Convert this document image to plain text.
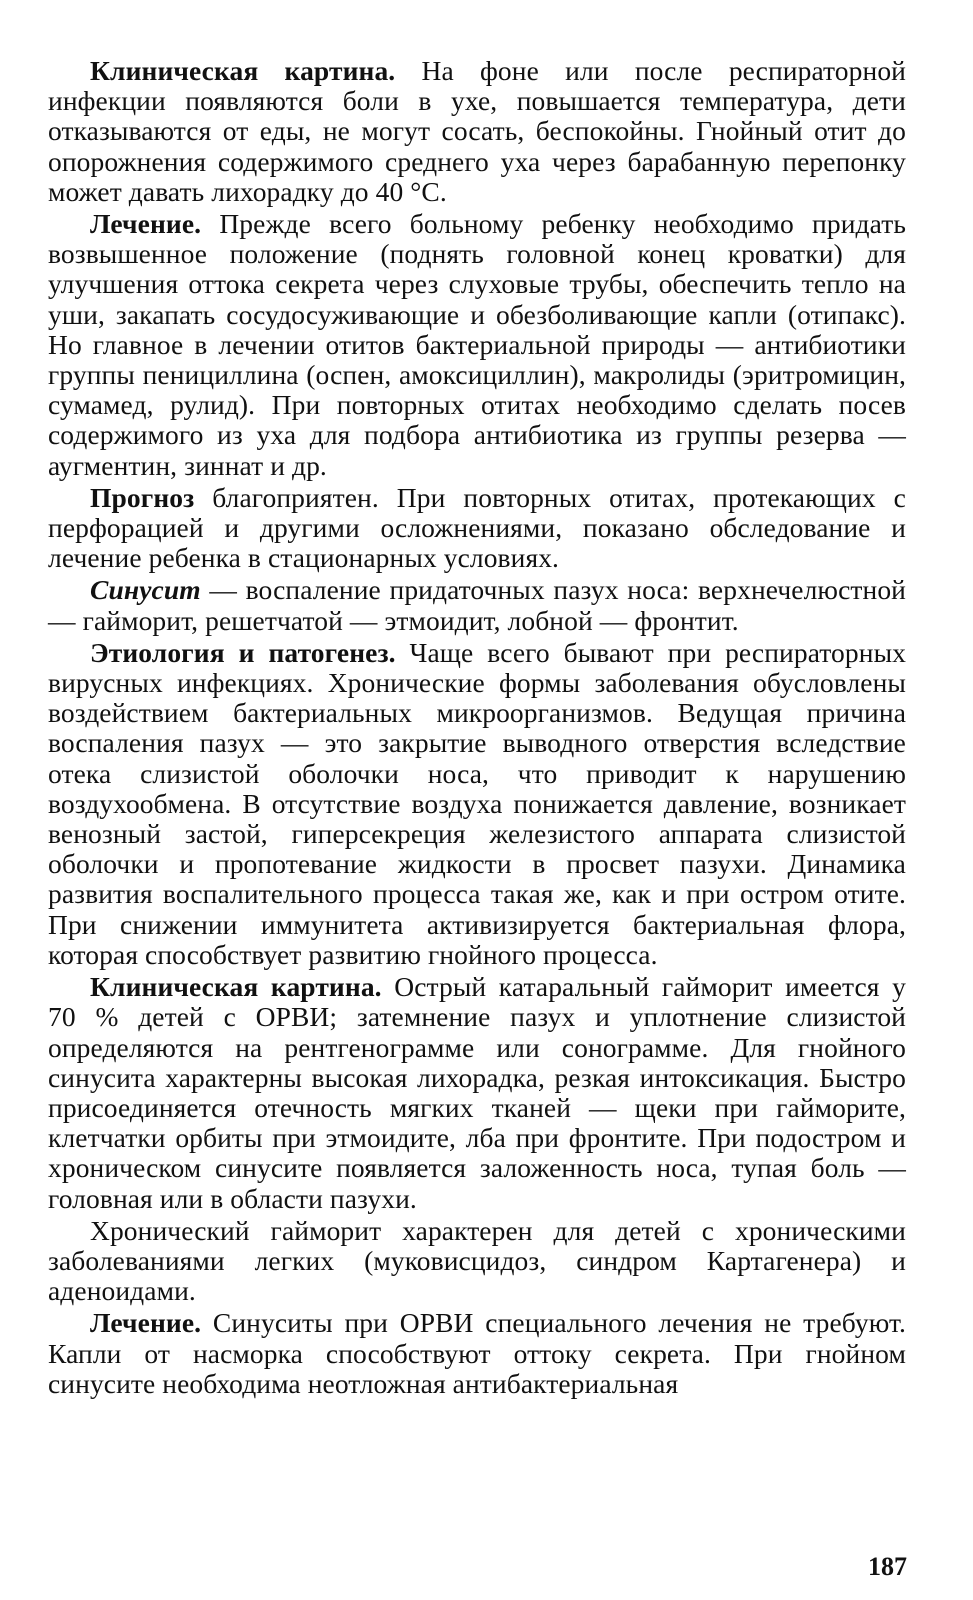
Клиническая картина. На фоне или после респираторной инфекции появляются боли в ухе, повышается температура, дети отказываются от еды, не могут сосать, беспокойны. Гнойный отит до опорожнения содержимого среднего уха через барабанную перепонку может давать лихорадку до 40 °С.

Лечение. Прежде всего больному ребенку необходимо придать возвышенное положение (поднять головной конец кроватки) для улучшения оттока секрета через слуховые трубы, обеспечить тепло на уши, закапать сосудосуживающие и обезболивающие капли (отипакс). Но главное в лечении отитов бактериальной природы — антибиотики группы пенициллина (оспен, амоксициллин), макролиды (эритромицин, сумамед, рулид). При повторных отитах необходимо сделать посев содержимого из уха для подбора антибиотика из группы резерва — аугментин, зиннат и др.

Прогноз благоприятен. При повторных отитах, протекающих с перфорацией и другими осложнениями, показано обследование и лечение ребенка в стационарных условиях.

Синусит — воспаление придаточных пазух носа: верхнечелюстной — гайморит, решетчатой — этмоидит, лобной — фронтит.

Этиология и патогенез. Чаще всего бывают при респираторных вирусных инфекциях. Хронические формы заболевания обусловлены воздействием бактериальных микроорганизмов. Ведущая причина воспаления пазух — это закрытие выводного отверстия вследствие отека слизистой оболочки носа, что приводит к нарушению воздухообмена. В отсутствие воздуха понижается давление, возникает венозный застой, гиперсекреция железистого аппарата слизистой оболочки и пропотевание жидкости в просвет пазухи. Динамика развития воспалительного процесса такая же, как и при остром отите. При снижении иммунитета активизируется бактериальная флора, которая способствует развитию гнойного процесса.

Клиническая картина. Острый катаральный гайморит имеется у 70 % детей с ОРВИ; затемнение пазух и уплотнение слизистой определяются на рентгенограмме или сонограмме. Для гнойного синусита характерны высокая лихорадка, резкая интоксикация. Быстро присоединяется отечность мягких тканей — щеки при гайморите, клетчатки орбиты при этмоидите, лба при фронтите. При подостром и хроническом синусите появляется заложенность носа, тупая боль — головная или в области пазухи.

Хронический гайморит характерен для детей с хроническими заболеваниями легких (муковисцидоз, синдром Картагенера) и аденоидами.

Лечение. Синуситы при ОРВИ специального лечения не требуют. Капли от насморка способствуют оттоку секрета. При гнойном синусите необходима неотложная антибактериальная

187
